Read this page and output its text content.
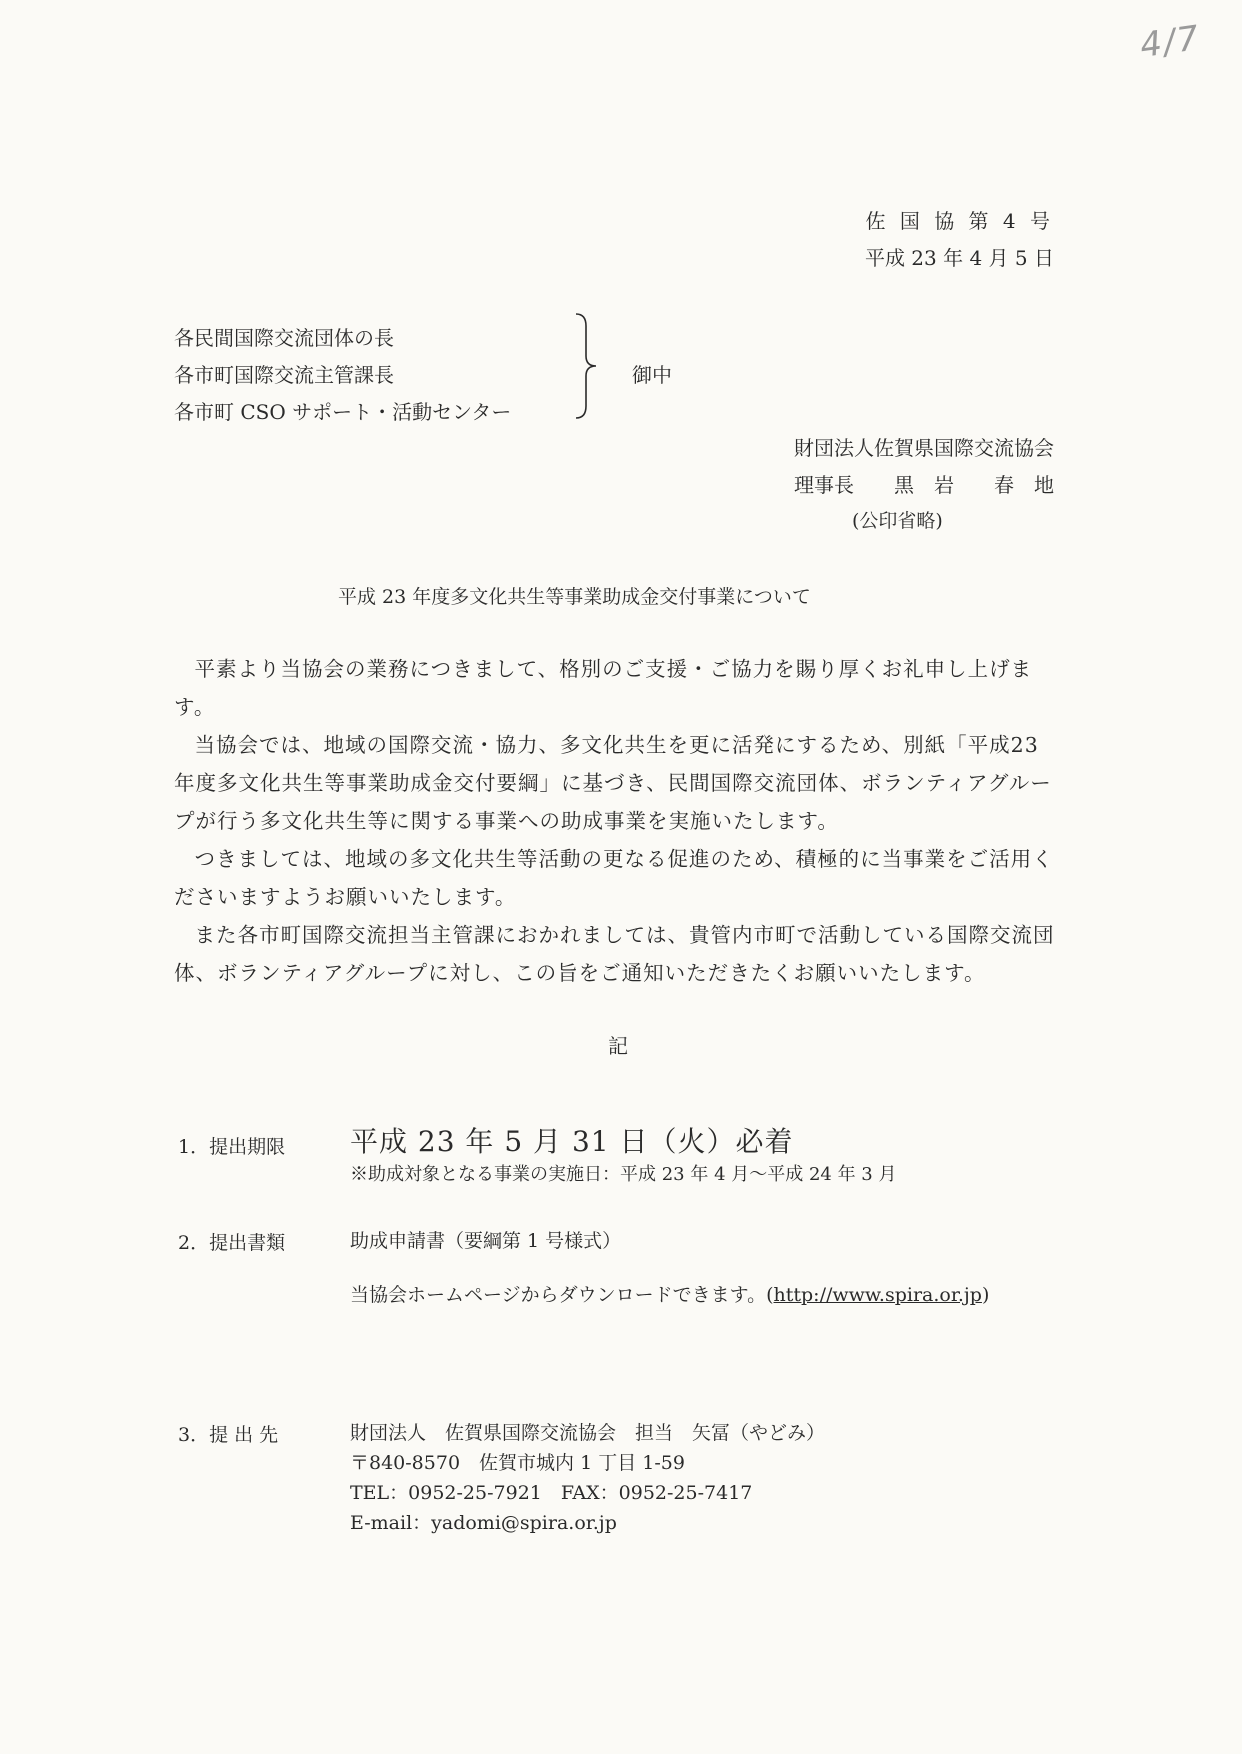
4/7
佐 国 協 第 4 号
平成 23 年 4 月 5 日
各民間国際交流団体の長
各市町国際交流主管課長
各市町 CSO サポート・活動センター
御中
財団法人佐賀県国際交流協会
理事長　　黒　岩　　春　地
(公印省略)
平成 23 年度多文化共生等事業助成金交付事業について
平素より当協会の業務につきまして、格別のご支援・ご協力を賜り厚くお礼申し上げます。
当協会では、地域の国際交流・協力、多文化共生を更に活発にするため、別紙「平成23 年度多文化共生等事業助成金交付要綱」に基づき、民間国際交流団体、ボランティアグループが行う多文化共生等に関する事業への助成事業を実施いたします。
つきましては、地域の多文化共生等活動の更なる促進のため、積極的に当事業をご活用くださいますようお願いいたします。
また各市町国際交流担当主管課におかれましては、貴管内市町で活動している国際交流団体、ボランティアグループに対し、この旨をご通知いただきたくお願いいたします。
記
1．提出期限 平成 23 年 5 月 31 日（火）必着
※助成対象となる事業の実施日：平成 23 年 4 月～平成 24 年 3 月
2．提出書類	助成申請書（要綱第 1 号様式）
当協会ホームページからダウンロードできます。(http://www.spira.or.jp)
3．提 出 先	財団法人　佐賀県国際交流協会　担当　矢冨（やどみ）
〒840-8570　佐賀市城内 1 丁目 1-59
TEL：0952-25-7921　FAX：0952-25-7417
E-mail：yadomi@spira.or.jp
